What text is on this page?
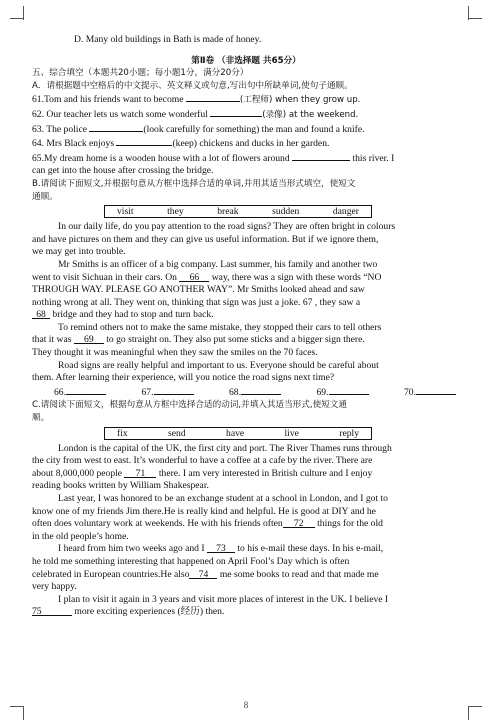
D. Many old buildings in Bath is made of honey.
第Ⅱ卷 （非选择题 共65分）
五、综合填空（本题共20小题；每小题1分，满分20分）
A．请根据题中空格后的中文提示、英文释义或句意,写出句中所缺单词,使句子通顺。
61.Tom and his friends want to become	(工程师) when they grow up.
62. Our teacher lets us watch some wonderful	(录像) at the weekend.
63. The police	(look carefully for something) the man and found a knife.
64. Mrs Black enjoys	(keep) chickens and ducks in her garden.
65.My dream home is a wooden house with a lot of flowers around	this river. I
can get into the house after crossing the bridge.
B.请阅读下面短文,并根据句意从方框中选择合适的单词,并用其适当形式填空，使短文
通顺。
visit	they	break	sudden	danger
In our daily life, do you pay attention to the road signs? They are often bright in colours
and have pictures on them and they can give us useful information. But if we ignore them,
we may get into trouble.
Mr Smiths is an officer of a big company. Last summer, his family and another two
went to visit Sichuan in their cars. On 66 way, there was a sign with these words “NO
THROUGH WAY. PLEASE GO ANOTHER WAY”. Mr Smiths looked ahead and saw
nothing wrong at all. They went on, thinking that sign was just a joke. 67 , they saw a
68 bridge and they had to stop and turn back.
To remind others not to make the same mistake, they stopped their cars to tell others
that it was 69 to go straight on. They also put some sticks and a bigger sign there.
They thought it was meaningful when they saw the smiles on the 70 faces.
Road signs are really helpful and important to us. Everyone should be careful about
them. After learning their experience, will you notice the road signs next time?
66.	67.	68.	69.	70.
C.请阅读下面短文，根据句意从方框中选择合适的动词,并填入其适当形式,使短文通
顺。
fix	send	have	live	reply
London is the capital of the UK, the first city and port. The River Thames runs through
the city from west to east. It’s wonderful to have a coffee at a cafe by the river. There are
about 8,000,000 people 71 there. I am very interested in British culture and I enjoy
reading books written by William Shakespear.
Last year, I was honored to be an exchange student at a school in London, and I got to
know one of my friends Jim there.He is really kind and helpful. He is good at DIY and he
often does voluntary work at weekends. He with his friends often 72 things for the old
in the old people’s home.
I heard from him two weeks ago and I 73 to his e-mail these days. In his e-mail,
he told me something interesting that happened on April Fool’s Day which is often
celebrated in European countries.He also 74 me some books to read and that made me
very happy.
I plan to visit it again in 3 years and visit more places of interest in the UK. I believe I
75	more exciting experiences (经历) then.
8
